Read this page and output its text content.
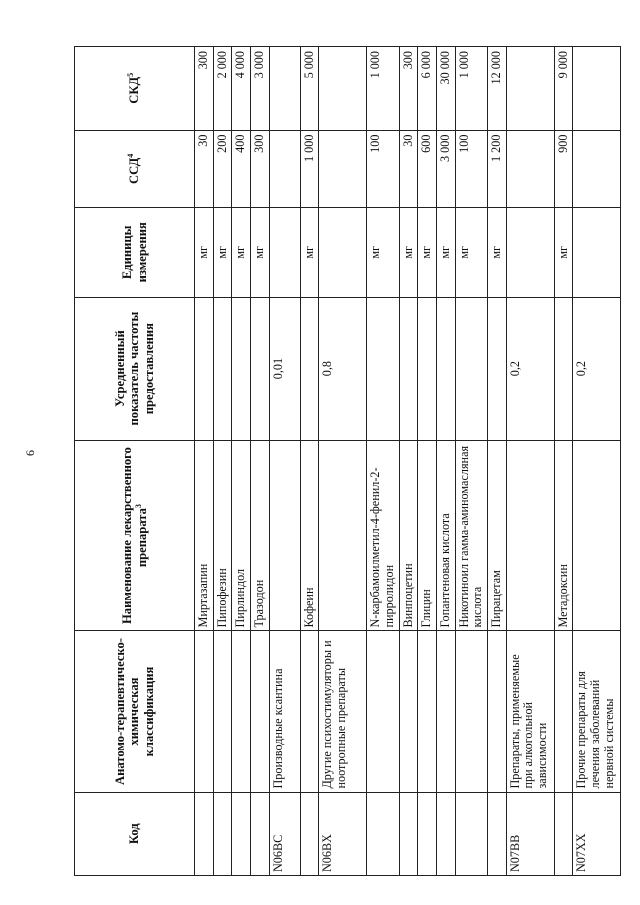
9
Код	Анатомо-терапевтическо-химическая классификация	Наименование лекарственного препарата$^3$	Усредненный показатель частоты предоставления	Единицы измерения	ССД$^4$	СКД$^5$
		Миртазапин		мг	30	300
		Пипофезин		мг	200	2 000
		Пирлиндол		мг	400	4 000
		Тразодон		мг	300	3 000
N06BC	Производные ксантина		0,01			
		Кофеин		мг	1 000	5 000
N06BX	Другие психостимуляторы и ноотропные препараты		0,8			
		N-карбамоилметил-4-фенил-2-пирролидон		мг	100	1 000
		Винпоцетин		мг	30	300
		Глицин		мг	600	6 000
		Гопантеновая кислота		мг	3 000	30 000
		Никотиноил гамма-аминомасляная кислота		мг	100	1 000
		Пирацетам		мг	1 200	12 000
N07BB	Препараты, применяемые при алкогольной зависимости		0,2			
		Метадоксин		мг	900	9 000
N07XX	Прочие препараты для лечения заболеваний нервной системы		0,2			
